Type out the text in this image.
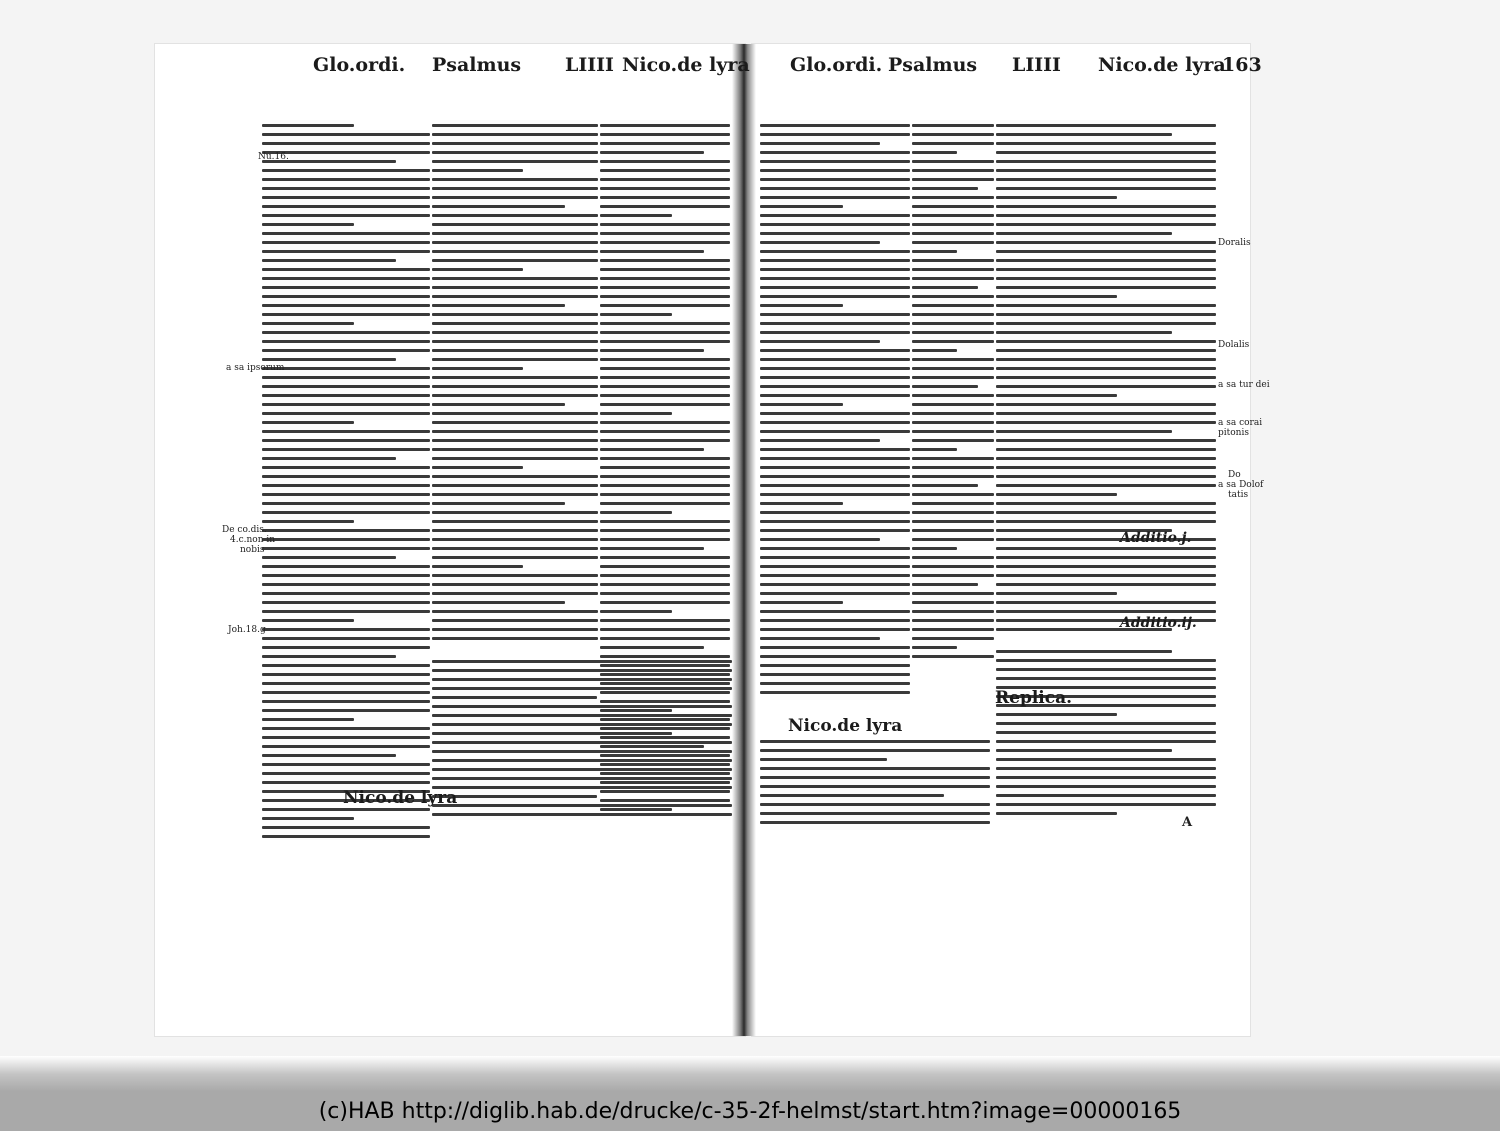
Glo.ordi. Psalmus LIIII Nico.de lyra Glo.ordi. Psalmus LIIII Nico.de lyra
163
Nico.de lyra
Nico.de lyra
Additio.j.
Additio.ij.
Replica.
Nu.16.
a sa ipsorum
De co.dis.
4.c.non in
nobis
Joh.18.g
Doralis
Dolalis
a sa tur dei
a sa corai
pitonis
Do
a sa Dolof
tatis
A
(c)HAB http://diglib.hab.de/drucke/c-35-2f-helmst/start.htm?image=00000165
